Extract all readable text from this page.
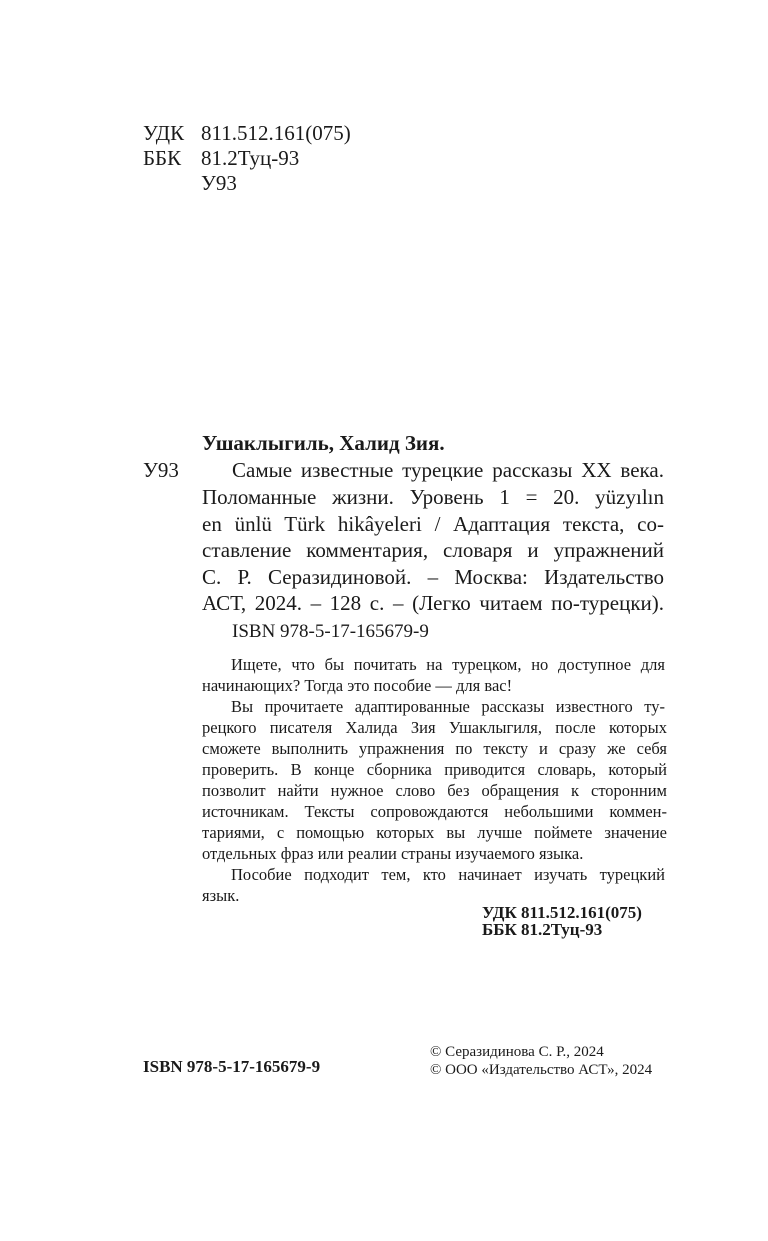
УДК 811.512.161(075)
ББК 81.2Туц-93
У93
Ушаклыгиль, Халид Зия.
У93	Самые известные турецкие рассказы XX века.
Поломанные жизни. Уровень 1 = 20. yüzyılın
en ünlü Türk hikâyeleri / Адаптация текста, со-
ставление комментария, словаря и упражнений
С. Р. Серазидиновой. – Москва: Издательство
АСТ, 2024. – 128 с. – (Легко читаем по-турецки).
ISBN 978-5-17-165679-9
Ищете, что бы почитать на турецком, но доступное для
начинающих? Тогда это пособие — для вас!
Вы прочитаете адаптированные рассказы известного ту-
рецкого писателя Халида Зия Ушаклыгиля, после которых
сможете выполнить упражнения по тексту и сразу же себя
проверить. В конце сборника приводится словарь, который
позволит найти нужное слово без обращения к сторонним
источникам. Тексты сопровождаются небольшими коммен-
тариями, с помощью которых вы лучше поймете значение
отдельных фраз или реалии страны изучаемого языка.
Пособие подходит тем, кто начинает изучать турецкий
язык.
УДК 811.512.161(075)
ББК 81.2Туц-93
ISBN 978-5-17-165679-9
© Серазидинова С. Р., 2024
© ООО «Издательство АСТ», 2024
